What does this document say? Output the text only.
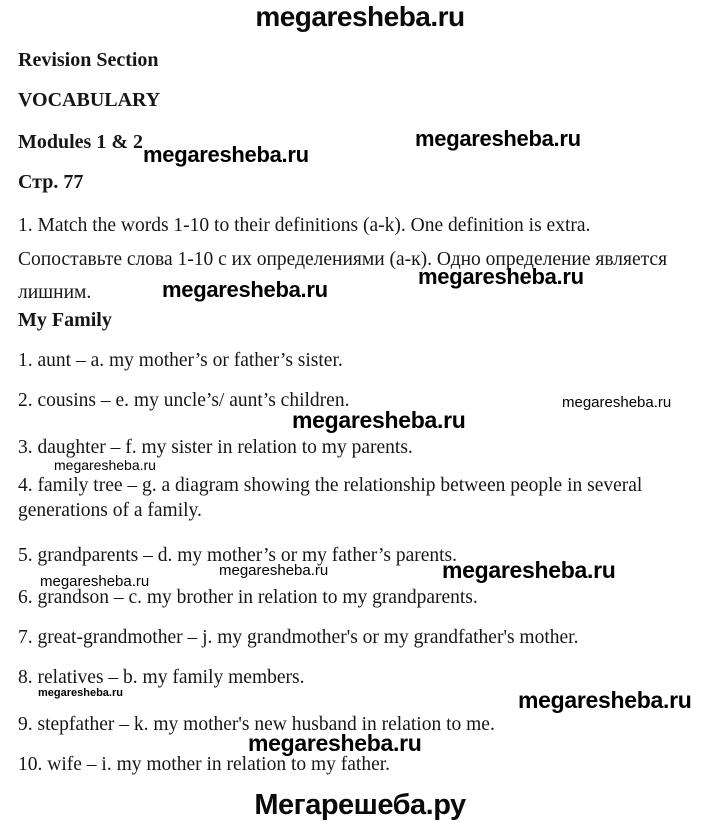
megaresheba.ru
Revision Section
VOCABULARY
Modules 1 & 2
Стр. 77
1. Match the words 1-10 to their definitions (a-k). One definition is extra.
Сопоставьте слова 1-10 с их определениями (а-к). Одно определение является
лишним.
My Family
1. aunt – a. my mother’s or father’s sister.
2. cousins – e. my uncle’s/ aunt’s children.
3. daughter – f. my sister in relation to my parents.
4. family tree – g. a diagram showing the relationship between people in several
generations of a family.
5. grandparents – d. my mother’s or my father’s parents.
6. grandson – c. my brother in relation to my grandparents.
7. great-grandmother – j. my grandmother's or my grandfather's mother.
8. relatives – b. my family members.
9. stepfather – k. my mother's new husband in relation to me.
10. wife – i. my mother in relation to my father.
megaresheba.ru
megaresheba.ru
megaresheba.ru
megaresheba.ru
megaresheba.ru
megaresheba.ru
megaresheba.ru
megaresheba.ru
megaresheba.ru	megaresheba.ru
megaresheba.ru	megaresheba.ru
megaresheba.ru
Мегарешеба.ру
